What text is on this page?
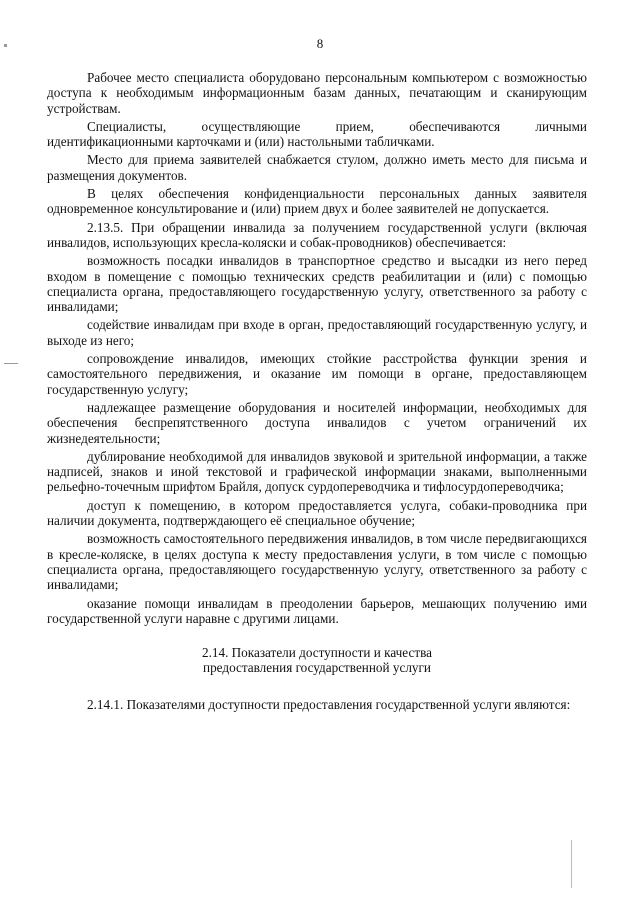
8

Рабочее место специалиста оборудовано персональным компьютером с возможностью доступа к необходимым информационным базам данных, печатающим и сканирующим устройствам.

Специалисты, осуществляющие прием, обеспечиваются личными идентификационными карточками и (или) настольными табличками.

Место для приема заявителей снабжается стулом, должно иметь место для письма и размещения документов.

В целях обеспечения конфиденциальности персональных данных заявителя одновременное консультирование и (или) прием двух и более заявителей не допускается.

2.13.5. При обращении инвалида за получением государственной услуги (включая инвалидов, использующих кресла-коляски и собак-проводников) обеспечивается:

возможность посадки инвалидов в транспортное средство и высадки из него перед входом в помещение с помощью технических средств реабилитации и (или) с помощью специалиста органа, предоставляющего государственную услугу, ответственного за работу с инвалидами;

содействие инвалидам при входе в орган, предоставляющий государственную услугу, и выходе из него;

сопровождение инвалидов, имеющих стойкие расстройства функции зрения и самостоятельного передвижения, и оказание им помощи в органе, предоставляющем государственную услугу;

надлежащее размещение оборудования и носителей информации, необходимых для обеспечения беспрепятственного доступа инвалидов с учетом ограничений их жизнедеятельности;

дублирование необходимой для инвалидов звуковой и зрительной информации, а также надписей, знаков и иной текстовой и графической информации знаками, выполненными рельефно-точечным шрифтом Брайля, допуск сурдопереводчика и тифлосурдопереводчика;

доступ к помещению, в котором предоставляется услуга, собаки-проводника при наличии документа, подтверждающего её специальное обучение;

возможность самостоятельного передвижения инвалидов, в том числе передвигающихся в кресле-коляске, в целях доступа к месту предоставления услуги, в том числе с помощью специалиста органа, предоставляющего государственную услугу, ответственного за работу с инвалидами;

оказание помощи инвалидам в преодолении барьеров, мешающих получению ими государственной услуги наравне с другими лицами.

2.14. Показатели доступности и качества
предоставления государственной услуги

2.14.1. Показателями доступности предоставления государственной услуги являются:
